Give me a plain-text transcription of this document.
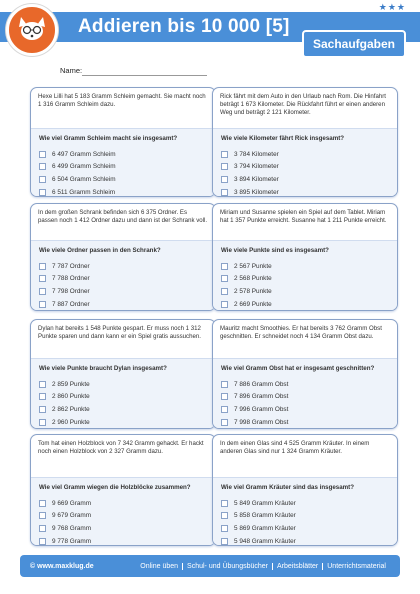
Addieren bis 10 000 [5]
★★★
Sachaufgaben
Name:
Hexe Lilli hat 5 183 Gramm Schleim gemacht. Sie macht noch 1 316 Gramm Schleim dazu.
Wie viel Gramm Schleim macht sie insgesamt?
6 497 Gramm Schleim
6 499 Gramm Schleim
6 504 Gramm Schleim
6 511 Gramm Schleim
Rick fährt mit dem Auto in den Urlaub nach Rom. Die Hinfahrt beträgt 1 673 Kilometer. Die Rückfahrt führt er einen anderen Weg und beträgt 2 121 Kilometer.
Wie viele Kilometer fährt Rick insgesamt?
3 784 Kilometer
3 794 Kilometer
3 894 Kilometer
3 895 Kilometer
In dem großen Schrank befinden sich 6 375 Ordner. Es passen noch 1 412 Ordner dazu und dann ist der Schrank voll.
Wie viele Ordner passen in den Schrank?
7 787 Ordner
7 788 Ordner
7 798 Ordner
7 887 Ordner
Miriam und Susanne spielen ein Spiel auf dem Tablet. Miriam hat 1 357 Punkte erreicht. Susanne hat 1 211 Punkte erreicht.
Wie viele Punkte sind es insgesamt?
2 567 Punkte
2 568 Punkte
2 578 Punkte
2 669 Punkte
Dylan hat bereits 1 548 Punkte gespart. Er muss noch 1 312 Punkte sparen und dann kann er ein Spiel gratis aussuchen.
Wie viele Punkte braucht Dylan insgesamt?
2 859 Punkte
2 860 Punkte
2 862 Punkte
2 960 Punkte
Mauritz macht Smoothies. Er hat bereits 3 762 Gramm Obst geschnitten. Er schneidet noch 4 134 Gramm Obst dazu.
Wie viel Gramm Obst hat er insgesamt geschnitten?
7 886 Gramm Obst
7 896 Gramm Obst
7 996 Gramm Obst
7 998 Gramm Obst
Tom hat einen Holzblock von 7 342 Gramm gehackt. Er hackt noch einen Holzblock von 2 327 Gramm dazu.
Wie viel Gramm wiegen die Holzblöcke zusammen?
9 669 Gramm
9 679 Gramm
9 768 Gramm
9 778 Gramm
In dem einen Glas sind 4 525 Gramm Kräuter. In einem anderen Glas sind nur 1 324 Gramm Kräuter.
Wie viel Gramm Kräuter sind das insgesamt?
5 849 Gramm Kräuter
5 858 Gramm Kräuter
5 869 Gramm Kräuter
5 948 Gramm Kräuter
© www.maxklug.de	Online üben	Schul- und Übungsbücher	Arbeitsblätter	Unterrichtsmaterial
